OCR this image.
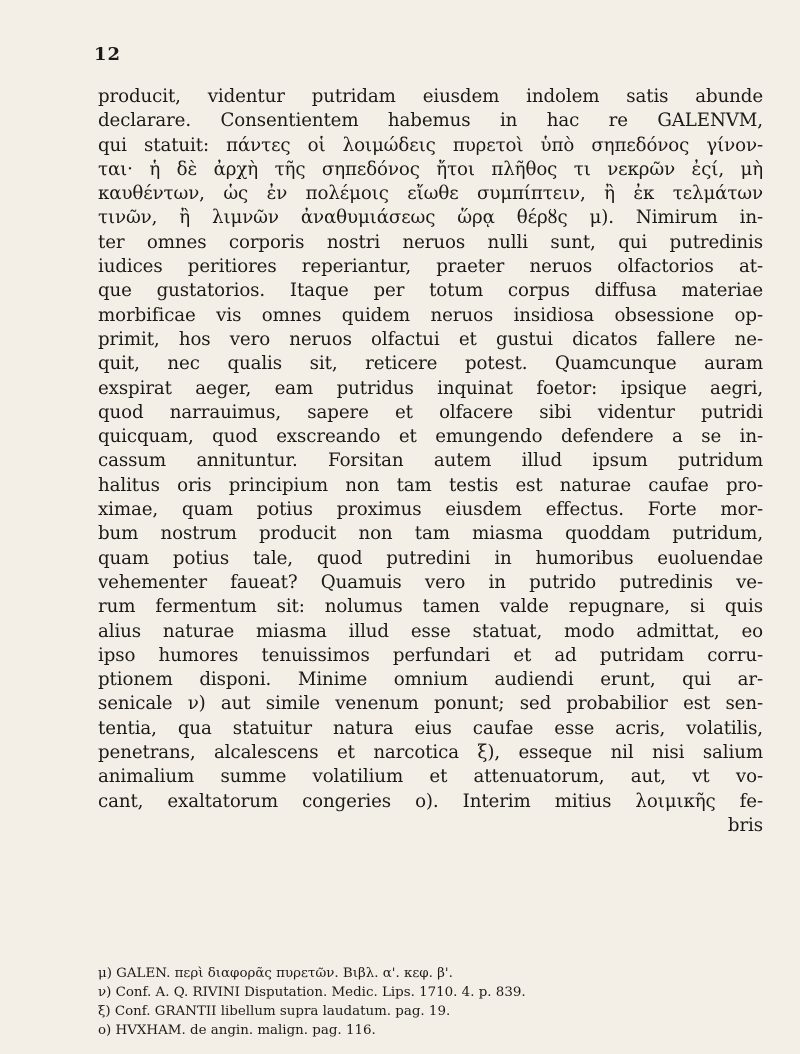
12
producit, videntur putridam eiusdem indolem satis abunde
declarare. Consentientem habemus in hac re GALENVM,
qui statuit: πάντες οἱ λοιμώδεις πυρετοὶ ὑπὸ σηπεδόνος γίνον-
ται· ἡ δὲ ἀρχὴ τῆς σηπεδόνος ἤτοι πλῆθος τι νεκρῶν ἐςί, μὴ
καυθέντων, ὡς ἐν πολέμοις εἴωθε συμπίπτειν, ἢ ἐκ τελμάτων
τινῶν, ἢ λιμνῶν ἀναθυμιάσεως ὥρᾳ θέρȣς μ). Nimirum in-
ter omnes corporis nostri neruos nulli sunt, qui putredinis
iudices peritiores reperiantur, praeter neruos olfactorios at-
que gustatorios. Itaque per totum corpus diffusa materiae
morbificae vis omnes quidem neruos insidiosa obsessione op-
primit, hos vero neruos olfactui et gustui dicatos fallere ne-
quit, nec qualis sit, reticere potest. Quamcunque auram
exspirat aeger, eam putridus inquinat foetor: ipsique aegri,
quod narrauimus, sapere et olfacere sibi videntur putridi
quicquam, quod exscreando et emungendo defendere a se in-
cassum annituntur. Forsitan autem illud ipsum putridum
halitus oris principium non tam testis est naturae caufae pro-
ximae, quam potius proximus eiusdem effectus. Forte mor-
bum nostrum producit non tam miasma quoddam putridum,
quam potius tale, quod putredini in humoribus euoluendae
vehementer faueat? Quamuis vero in putrido putredinis ve-
rum fermentum sit: nolumus tamen valde repugnare, si quis
alius naturae miasma illud esse statuat, modo admittat, eo
ipso humores tenuissimos perfundari et ad putridam corru-
ptionem disponi. Minime omnium audiendi erunt, qui ar-
senicale ν) aut simile venenum ponunt; sed probabilior est sen-
tentia, qua statuitur natura eius caufae esse acris, volatilis,
penetrans, alcalescens et narcotica ξ), esseque nil nisi salium
animalium summe volatilium et attenuatorum, aut, vt vo-
cant, exaltatorum congeries ο). Interim mitius λοιμικῆς fe-
bris
μ) GALEN. περὶ διαφορᾶς πυρετῶν. Βιβλ. α'. κεφ. β'.
ν) Conf. A. Q. RIVINI Disputation. Medic. Lips. 1710. 4. p. 839.
ξ) Conf. GRANTII libellum supra laudatum. pag. 19.
ο) HVXHAM. de angin. malign. pag. 116.
